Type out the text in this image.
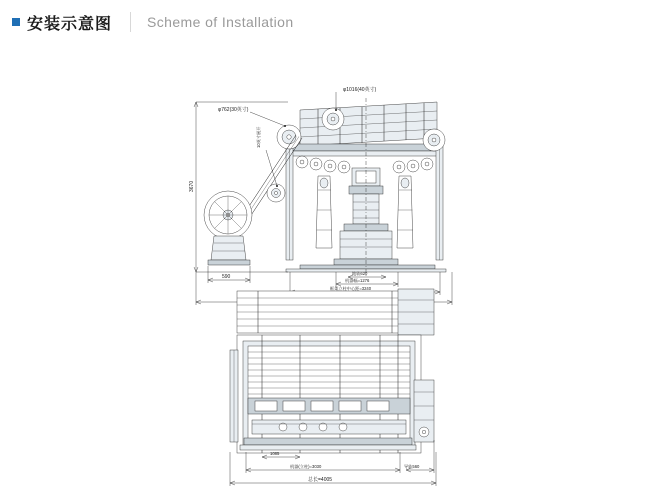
安装示意图	Scheme of Installation
φ1016(40英寸)
φ762(30英寸)
10英寸展开
3670
590
地轨620
机器幅=1276
框架立柱中心距=3240
1085
机器(立柱)=3030	导轨560
总长=4005
